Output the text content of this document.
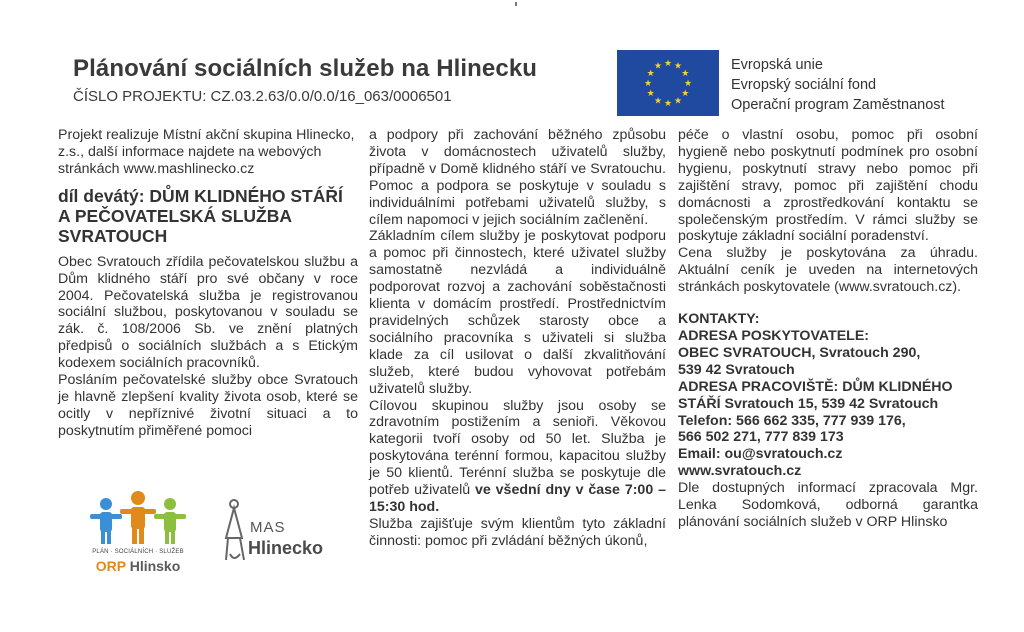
Plánování sociálních služeb na Hlinecku
ČÍSLO PROJEKTU: CZ.03.2.63/0.0/0.0/16_063/0006501
★ ★
★
★
★
★
★
★
★
★
★
★	Evropská unie
Evropský sociální fond
Operační program Zaměstnanost

Projekt realizuje Místní akční skupina Hlinecko, z.s., další informace najdete na webových stránkách www.mashlinecko.cz

díl devátý: DŮM KLIDNÉHO STÁŘÍ A PEČOVATELSKÁ SLUŽBA SVRATOUCH

Obec Svratouch zřídila pečovatelskou službu a Dům klidného stáří pro své občany v roce 2004. Pečovatelská služba je registrovanou sociální službou, poskytovanou v souladu se zák. č. 108/2006 Sb. ve znění platných předpisů o sociálních službách a s Etickým kodexem sociálních pracovníků.

Posláním pečovatelské služby obce Svratouch je hlavně zlepšení kvality života osob, které se ocitly v nepříznivé životní situaci a to poskytnutím přiměřené pomoci

a podpory při zachování běžného způsobu života v domácnostech uživatelů služby, případně v Domě klidného stáří ve Svratouchu. Pomoc a podpora se poskytuje v souladu s individuálními potřebami uživatelů služby, s cílem napomoci v jejich sociálním začlenění.

Základním cílem služby je poskytovat podporu a pomoc při činnostech, které uživatel služby samostatně nezvládá a individuálně podporovat rozvoj a zachování soběstačnosti klienta v domácím prostředí. Prostřednictvím pravidelných schůzek starosty obce a sociálního pracovníka s uživateli si služba klade za cíl usilovat o další zkvalitňování služeb, které budou vyhovovat potřebám uživatelů služby.

Cílovou skupinou služby jsou osoby se zdravotním postižením a senioři. Věkovou kategorii tvoří osoby od 50 let. Služba je poskytována terénní formou, kapacitou služby je 50 klientů. Terénní služba se poskytuje dle potřeb uživatelů ve všední dny v čase 7:00 – 15:30 hod.

Služba zajišťuje svým klientům tyto základní činnosti: pomoc při zvládání běžných úkonů,

péče o vlastní osobu, pomoc při osobní hygieně nebo poskytnutí podmínek pro osobní hygienu, poskytnutí stravy nebo pomoc při zajištění stravy, pomoc při zajištění chodu domácnosti a zprostředkování kontaktu se společenským prostředím. V rámci služby se poskytuje základní sociální poradenství.

Cena služby je poskytována za úhradu. Aktuální ceník je uveden na internetových stránkách poskytovatele (www.svratouch.cz).

KONTAKTY:
ADRESA POSKYTOVATELE:
OBEC SVRATOUCH, Svratouch 290,
539 42 Svratouch
ADRESA PRACOVIŠTĚ: DŮM KLIDNÉHO
STÁŘÍ Svratouch 15, 539 42 Svratouch
Telefon: 566 662 335, 777 939 176,
566 502 271, 777 839 173
Email: ou@svratouch.cz
www.svratouch.cz

Dle dostupných informací zpracovala Mgr. Lenka Sodomková, odborná garantka plánování sociálních služeb v ORP Hlinsko

PLÁN · SOCIÁLNÍCH · SLUŽEB
ORP Hlinsko
MAS
Hlinecko
